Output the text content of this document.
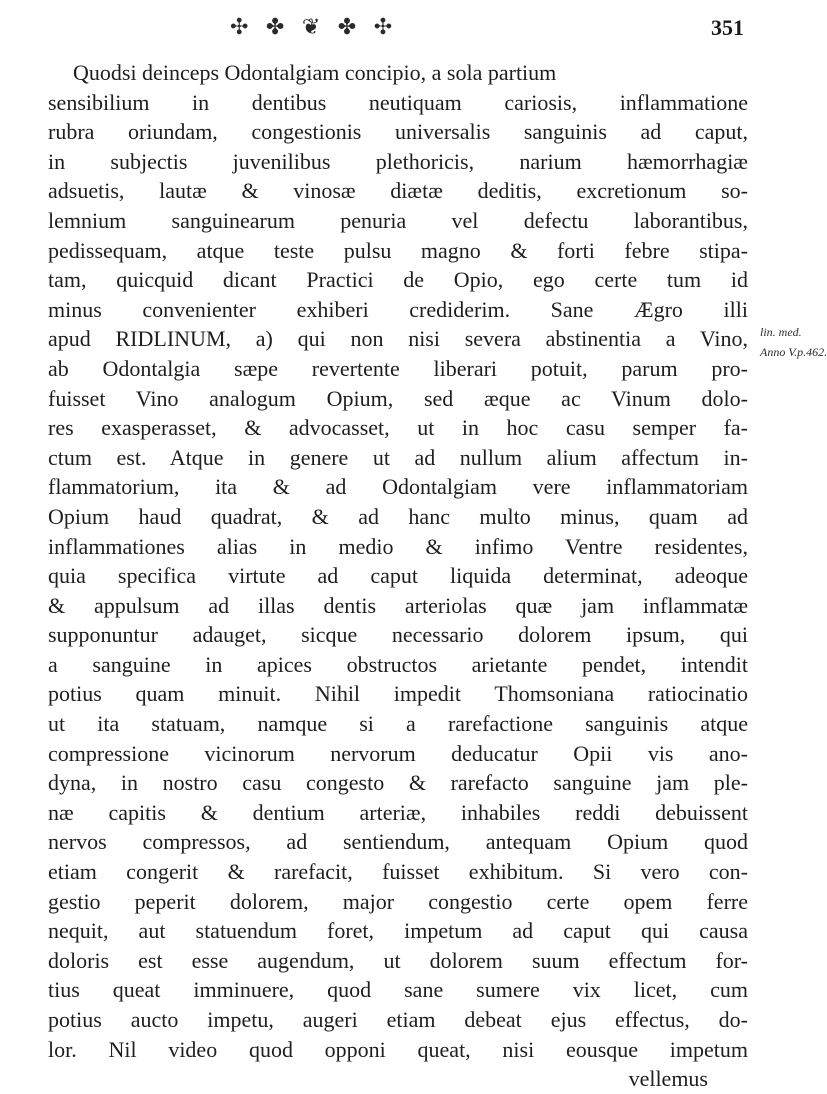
✣ ✤ ❦ ✤ ✣	351
Quodsi deinceps Odontalgiam concipio, a sola partium
sensibilium in dentibus neutiquam cariosis, inflammatione
rubra oriundam, congestionis universalis sanguinis ad caput,
in subjectis juvenilibus plethoricis, narium hæmorrhagiæ
adsuetis, lautæ & vinosæ diætæ deditis, excretionum so-
lemnium sanguinearum penuria vel defectu laborantibus,
pedissequam, atque teste pulsu magno & forti febre stipa-
tam, quicquid dicant Practici de Opio, ego certe tum id
minus convenienter exhiberi crediderim. Sane Ægro illi
apud RIDLINUM, a) qui non nisi severa abstinentia a Vino,
ab Odontalgia sæpe revertente liberari potuit, parum pro-
fuisset Vino analogum Opium, sed æque ac Vinum dolo-
res exasperasset, & advocasset, ut in hoc casu semper fa-
ctum est. Atque in genere ut ad nullum alium affectum in-
flammatorium, ita & ad Odontalgiam vere inflammatoriam
Opium haud quadrat, & ad hanc multo minus, quam ad
inflammationes alias in medio & infimo Ventre residentes,
quia specifica virtute ad caput liquida determinat, adeoque
& appulsum ad illas dentis arteriolas quæ jam inflammatæ
supponuntur adauget, sicque necessario dolorem ipsum, qui
a sanguine in apices obstructos arietante pendet, intendit
potius quam minuit. Nihil impedit Thomsoniana ratiocinatio
ut ita statuam, namque si a rarefactione sanguinis atque
compressione vicinorum nervorum deducatur Opii vis ano-
dyna, in nostro casu congesto & rarefacto sanguine jam ple-
næ capitis & dentium arteriæ, inhabiles reddi debuissent
nervos compressos, ad sentiendum, antequam Opium quod
etiam congerit & rarefacit, fuisset exhibitum. Si vero con-
gestio peperit dolorem, major congestio certe opem ferre
nequit, aut statuendum foret, impetum ad caput qui causa
doloris est esse augendum, ut dolorem suum effectum for-
tius queat imminuere, quod sane sumere vix licet, cum
potius aucto impetu, augeri etiam debeat ejus effectus, do-
lor. Nil video quod opponi queat, nisi eousque impetum
vellemus
lin. med.
Anno V.p.462.
